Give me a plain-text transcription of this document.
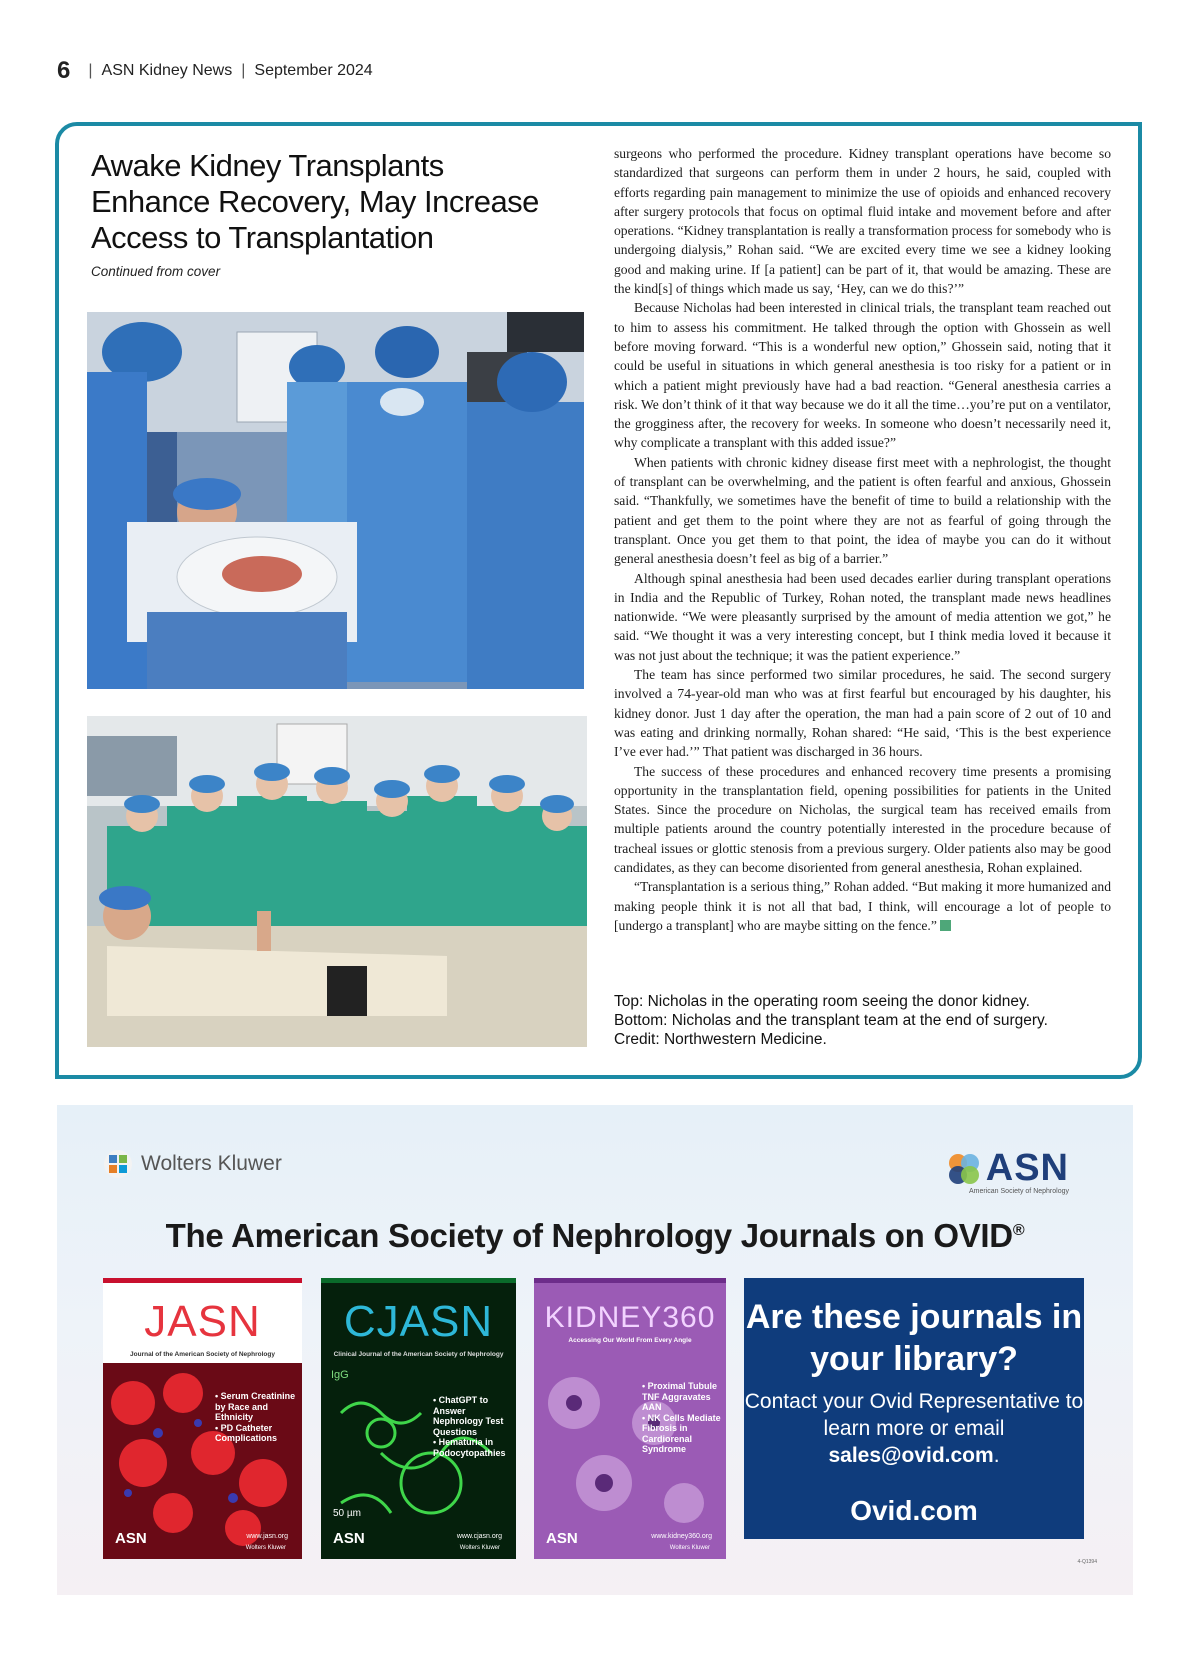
6 | ASN Kidney News | September 2024
Awake Kidney Transplants Enhance Recovery, May Increase Access to Transplantation
Continued from cover

surgeons who performed the procedure. Kidney transplant operations have become so standardized that surgeons can perform them in under 2 hours, he said, coupled with efforts regarding pain management to minimize the use of opioids and enhanced recovery after surgery protocols that focus on optimal fluid intake and movement before and after operations. “Kidney transplantation is really a transformation process for somebody who is undergoing dialysis,” Rohan said. “We are excited every time we see a kidney looking good and making urine. If [a patient] can be part of it, that would be amazing. These are the kind[s] of things which made us say, ‘Hey, can we do this?’”

Because Nicholas had been interested in clinical trials, the transplant team reached out to him to assess his commitment. He talked through the option with Ghossein as well before moving forward. “This is a wonderful new option,” Ghossein said, noting that it could be useful in situations in which general anesthesia is too risky for a patient or in which a patient might previously have had a bad reaction. “General anesthesia carries a risk. We don’t think of it that way because we do it all the time…you’re put on a ventilator, the grogginess after, the recovery for weeks. In someone who doesn’t necessarily need it, why complicate a transplant with this added issue?”

When patients with chronic kidney disease first meet with a nephrologist, the thought of transplant can be overwhelming, and the patient is often fearful and anxious, Ghossein said. “Thankfully, we sometimes have the benefit of time to build a relationship with the patient and get them to the point where they are not as fearful of going through the transplant. Once you get them to that point, the idea of maybe you can do it without general anesthesia doesn’t feel as big of a barrier.”

Although spinal anesthesia had been used decades earlier during transplant operations in India and the Republic of Turkey, Rohan noted, the transplant made news headlines nationwide. “We were pleasantly surprised by the amount of media attention we got,” he said. “We thought it was a very interesting concept, but I think media loved it because it was not just about the technique; it was the patient experience.”

The team has since performed two similar procedures, he said. The second surgery involved a 74-year-old man who was at first fearful but encouraged by his daughter, his kidney donor. Just 1 day after the operation, the man had a pain score of 2 out of 10 and was eating and drinking normally, Rohan shared: “He said, ‘This is the best experience I’ve ever had.’” That patient was discharged in 36 hours.

The success of these procedures and enhanced recovery time presents a promising opportunity in the transplantation field, opening possibilities for patients in the United States. Since the procedure on Nicholas, the surgical team has received emails from multiple patients around the country potentially interested in the procedure because of tracheal issues or glottic stenosis from a previous surgery. Older patients also may be good candidates, as they can become disoriented from general anesthesia, Rohan explained.

“Transplantation is a serious thing,” Rohan added. “But making it more humanized and making people think it is not all that bad, I think, will encourage a lot of people to [undergo a transplant] who are maybe sitting on the fence.”

Top: Nicholas in the operating room seeing the donor kidney.
Bottom: Nicholas and the transplant team at the end of surgery.
Credit: Northwestern Medicine.
Wolters Kluwer	ASN
American Society of Nephrology
The American Society of Nephrology Journals on OVID®
JASN
Journal of the American Society of Nephrology
• Serum Creatinine by Race and Ethnicity
• PD Catheter Complications
ASN	www.jasn.org
Wolters Kluwer
CJASN
Clinical Journal of the American Society of Nephrology
IgG
• ChatGPT to Answer Nephrology Test Questions
• Hematuria in Podocytopathies
50 µm
ASN	www.cjasn.org
Wolters Kluwer
KIDNEY360
Accessing Our World From Every Angle
• Proximal Tubule TNF Aggravates AAN
• NK Cells Mediate Fibrosis in Cardiorenal Syndrome
ASN	www.kidney360.org
Wolters Kluwer
Are these journals in your library?
Contact your Ovid Representative to learn more or email sales@ovid.com.
Ovid.com
4-Q1394
